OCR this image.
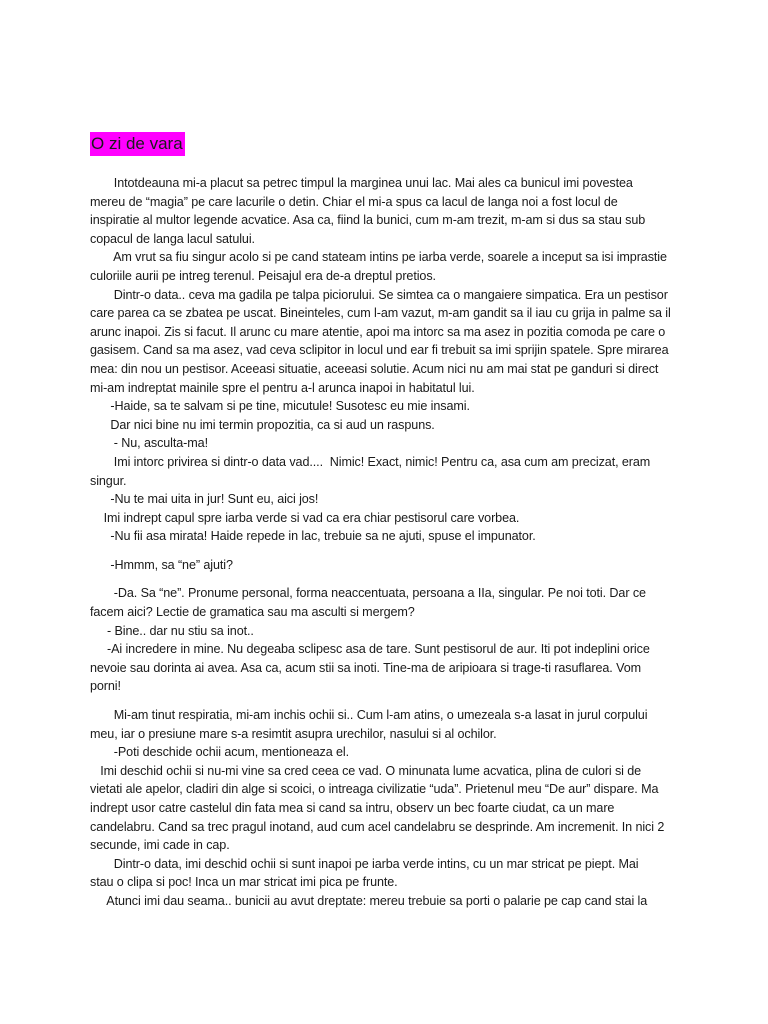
O zi de vara
Intotdeauna mi-a placut sa petrec timpul la marginea unui lac. Mai ales ca bunicul imi povestea
mereu de “magia” pe care lacurile o detin. Chiar el mi-a spus ca lacul de langa noi a fost locul de
inspiratie al multor legende acvatice. Asa ca, fiind la bunici, cum m-am trezit, m-am si dus sa stau sub
copacul de langa lacul satului.
Am vrut sa fiu singur acolo si pe cand stateam intins pe iarba verde, soarele a inceput sa isi imprastie
culoriile aurii pe intreg terenul. Peisajul era de-a dreptul pretios.
Dintr-o data.. ceva ma gadila pe talpa piciorului. Se simtea ca o mangaiere simpatica. Era un pestisor
care parea ca se zbatea pe uscat. Bineinteles, cum l-am vazut, m-am gandit sa il iau cu grija in palme sa il
arunc inapoi. Zis si facut. Il arunc cu mare atentie, apoi ma intorc sa ma asez in pozitia comoda pe care o
gasisem. Cand sa ma asez, vad ceva sclipitor in locul und ear fi trebuit sa imi sprijin spatele. Spre mirarea
mea: din nou un pestisor. Aceeasi situatie, aceeasi solutie. Acum nici nu am mai stat pe ganduri si direct
mi-am indreptat mainile spre el pentru a-l arunca inapoi in habitatul lui.
-Haide, sa te salvam si pe tine, micutule! Susotesc eu mie insami.
Dar nici bine nu imi termin propozitia, ca si aud un raspuns.
- Nu, asculta-ma!
Imi intorc privirea si dintr-o data vad....  Nimic! Exact, nimic! Pentru ca, asa cum am precizat, eram
singur.
-Nu te mai uita in jur! Sunt eu, aici jos!
Imi indrept capul spre iarba verde si vad ca era chiar pestisorul care vorbea.
-Nu fii asa mirata! Haide repede in lac, trebuie sa ne ajuti, spuse el impunator.
-Hmmm, sa “ne” ajuti?
-Da. Sa “ne”. Pronume personal, forma neaccentuata, persoana a IIa, singular. Pe noi toti. Dar ce
facem aici? Lectie de gramatica sau ma asculti si mergem?
- Bine.. dar nu stiu sa inot..
-Ai incredere in mine. Nu degeaba sclipesc asa de tare. Sunt pestisorul de aur. Iti pot indeplini orice
nevoie sau dorinta ai avea. Asa ca, acum stii sa inoti. Tine-ma de aripioara si trage-ti rasuflarea. Vom
porni!
Mi-am tinut respiratia, mi-am inchis ochii si.. Cum l-am atins, o umezeala s-a lasat in jurul corpului
meu, iar o presiune mare s-a resimtit asupra urechilor, nasului si al ochilor.
-Poti deschide ochii acum, mentioneaza el.
Imi deschid ochii si nu-mi vine sa cred ceea ce vad. O minunata lume acvatica, plina de culori si de
vietati ale apelor, cladiri din alge si scoici, o intreaga civilizatie “uda”. Prietenul meu “De aur” dispare. Ma
indrept usor catre castelul din fata mea si cand sa intru, observ un bec foarte ciudat, ca un mare
candelabru. Cand sa trec pragul inotand, aud cum acel candelabru se desprinde. Am incremenit. In nici 2
secunde, imi cade in cap.
Dintr-o data, imi deschid ochii si sunt inapoi pe iarba verde intins, cu un mar stricat pe piept. Mai
stau o clipa si poc! Inca un mar stricat imi pica pe frunte.
Atunci imi dau seama.. bunicii au avut dreptate: mereu trebuie sa porti o palarie pe cap cand stai la
